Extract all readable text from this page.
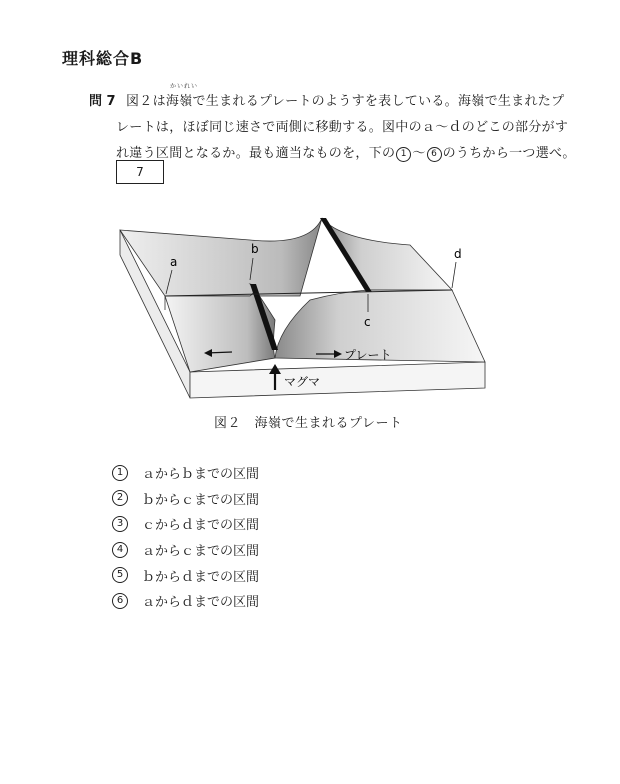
理科総合B
問 7
かいれい
図２は海嶺で生まれるプレートのようすを表している。海嶺で生まれたプ
レートは，ほぼ同じ速さで両側に移動する。図中のａ～ｄのどこの部分がす
れ違う区間となるか。最も適当なものを，下の 1 ～ 6 のうちから一つ選べ。
7
a
b
c
d
プレート
マグマ
図２　海嶺で生まれるプレート
1	ａからｂまでの区間
2	ｂからｃまでの区間
3	ｃからｄまでの区間
4	ａからｃまでの区間
5	ｂからｄまでの区間
6	ａからｄまでの区間
